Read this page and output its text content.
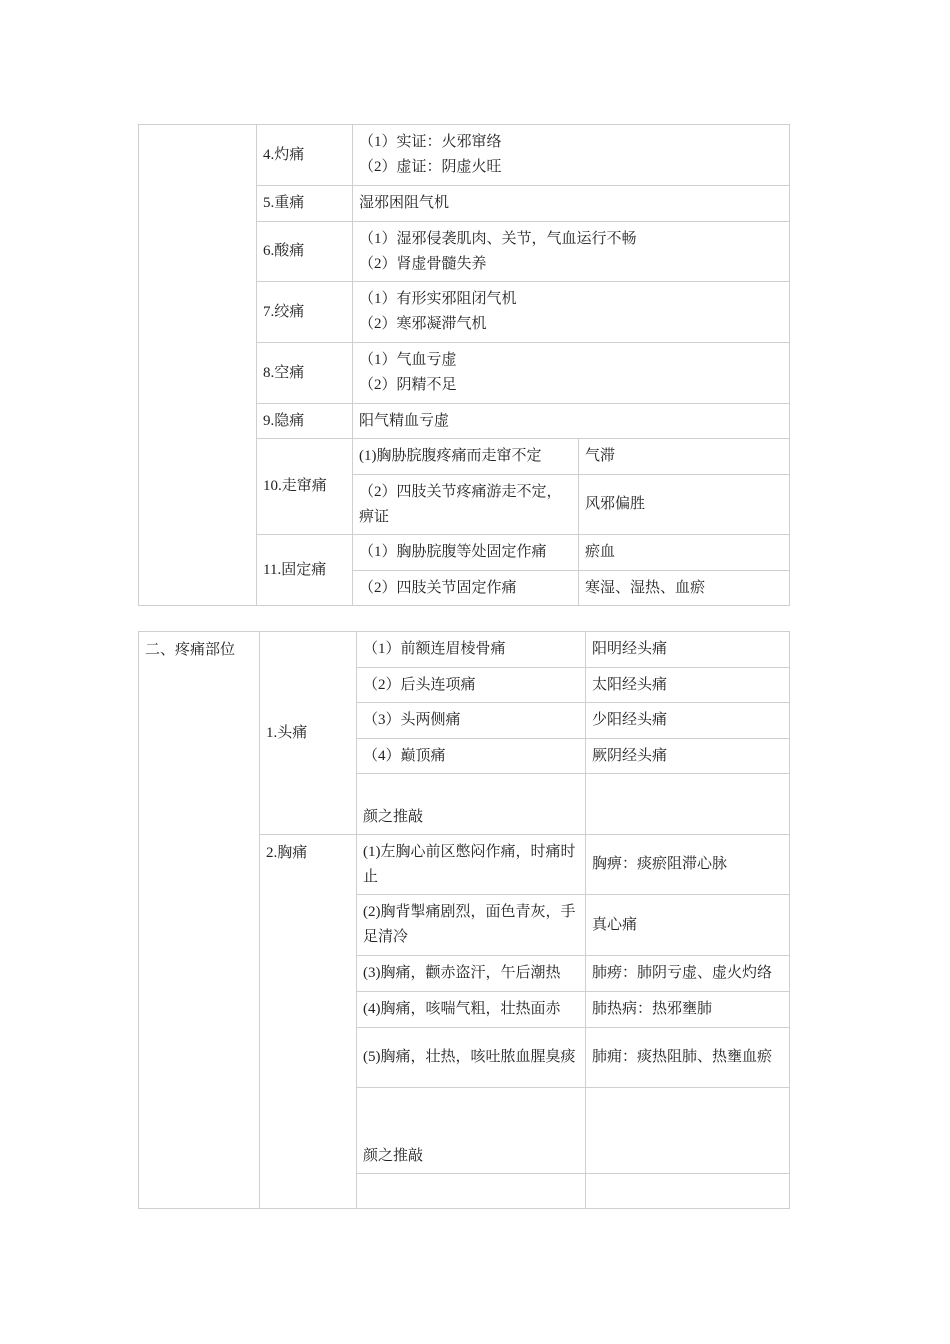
	4.灼痛	（1）实证：火邪窜络
（2）虚证：阴虚火旺	

	5.重痛	湿邪困阻气机	
	6.酸痛	（1）湿邪侵袭肌肉、关节，气血运行不畅
（2）肾虚骨髓失养	

	7.绞痛	（1）有形实邪阻闭气机
（2）寒邪凝滞气机	

	8.空痛	（1）气血亏虚
（2）阴精不足	

	9.隐痛	阳气精血亏虚	
	10.走窜痛	(1)胸胁脘腹疼痛而走窜不定	气滞
		（2）四肢关节疼痛游走不定，痹证	风邪偏胜
	11.固定痛	（1）胸胁脘腹等处固定作痛	瘀血
		（2）四肢关节固定作痛	寒湿、湿热、血瘀
二、疼痛部位	1.头痛	（1）前额连眉棱骨痛	阳明经头痛
		（2）后头连项痛	太阳经头痛
		（3）头两侧痛	少阳经头痛
		（4）巅顶痛	厥阴经头痛
		颜之推敲	
	2.胸痛	(1)左胸心前区憋闷作痛，时痛时止	胸痹：痰瘀阻滞心脉
		(2)胸背掣痛剧烈，面色青灰，手足清冷	真心痛
		(3)胸痛，颧赤盗汗，午后潮热	肺痨：肺阴亏虚、虚火灼络
		(4)胸痛，咳喘气粗，壮热面赤	肺热病：热邪壅肺
		(5)胸痛，壮热，咳吐脓血腥臭痰	肺痈：痰热阻肺、热壅血瘀
		颜之推敲	
